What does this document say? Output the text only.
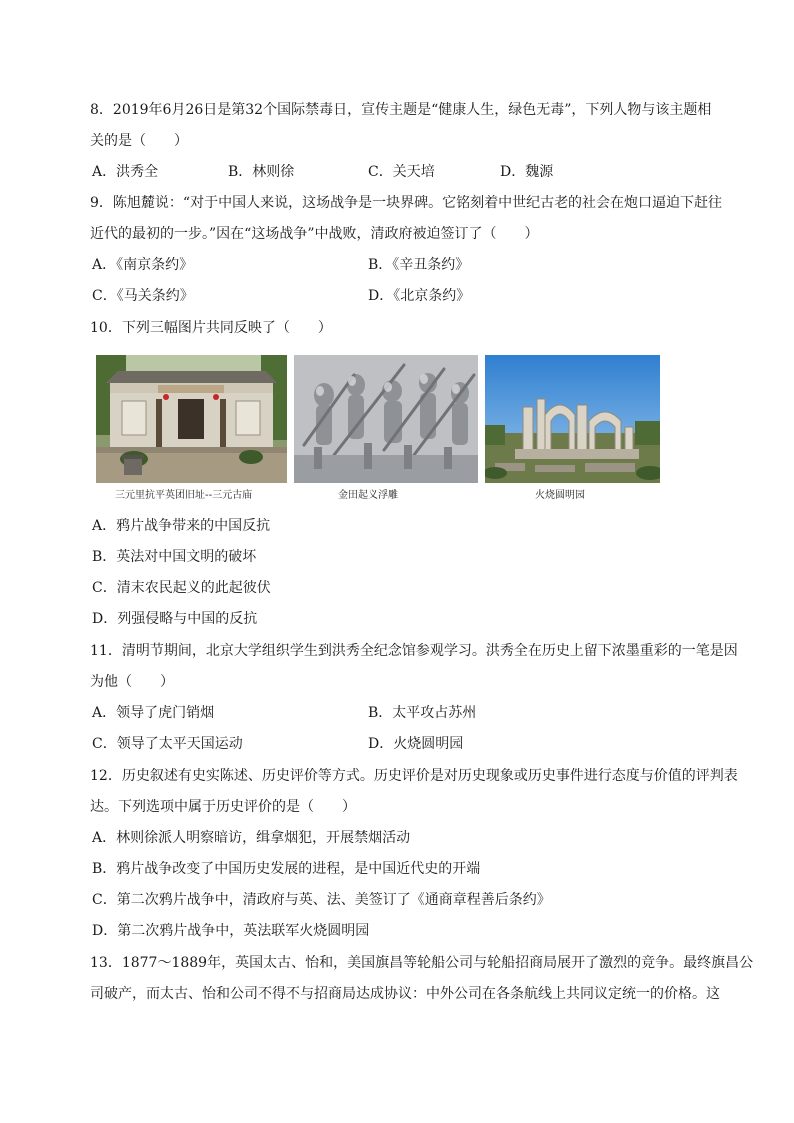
8．2019年6月26日是第32个国际禁毒日，宣传主题是“健康人生，绿色无毒”，下列人物与该主题相
关的是（　　）
A．洪秀全	B．林则徐	C．关天培	D．魏源
9．陈旭麓说：“对于中国人来说，这场战争是一块界碑。它铭刻着中世纪古老的社会在炮口逼迫下赶往
近代的最初的一步。”因在“这场战争”中战败，清政府被迫签订了（　　）
A．《南京条约》	B．《辛丑条约》
C．《马关条约》	D．《北京条约》
10．下列三幅图片共同反映了（　　）
三元里抗平英团旧址--三元古庙	金田起义浮雕	火烧圆明园
A．鸦片战争带来的中国反抗
B．英法对中国文明的破坏
C．清末农民起义的此起彼伏
D．列强侵略与中国的反抗
11．清明节期间，北京大学组织学生到洪秀全纪念馆参观学习。洪秀全在历史上留下浓墨重彩的一笔是因
为他（　　）
A．领导了虎门销烟	B．太平攻占苏州
C．领导了太平天国运动	D．火烧圆明园
12．历史叙述有史实陈述、历史评价等方式。历史评价是对历史现象或历史事件进行态度与价值的评判表
达。下列选项中属于历史评价的是（　　）
A．林则徐派人明察暗访，缉拿烟犯，开展禁烟活动
B．鸦片战争改变了中国历史发展的进程，是中国近代史的开端
C．第二次鸦片战争中，清政府与英、法、美签订了《通商章程善后条约》
D．第二次鸦片战争中，英法联军火烧圆明园
13．1877～1889年，英国太古、怡和，美国旗昌等轮船公司与轮船招商局展开了激烈的竞争。最终旗昌公
司破产，而太古、怡和公司不得不与招商局达成协议：中外公司在各条航线上共同议定统一的价格。这
